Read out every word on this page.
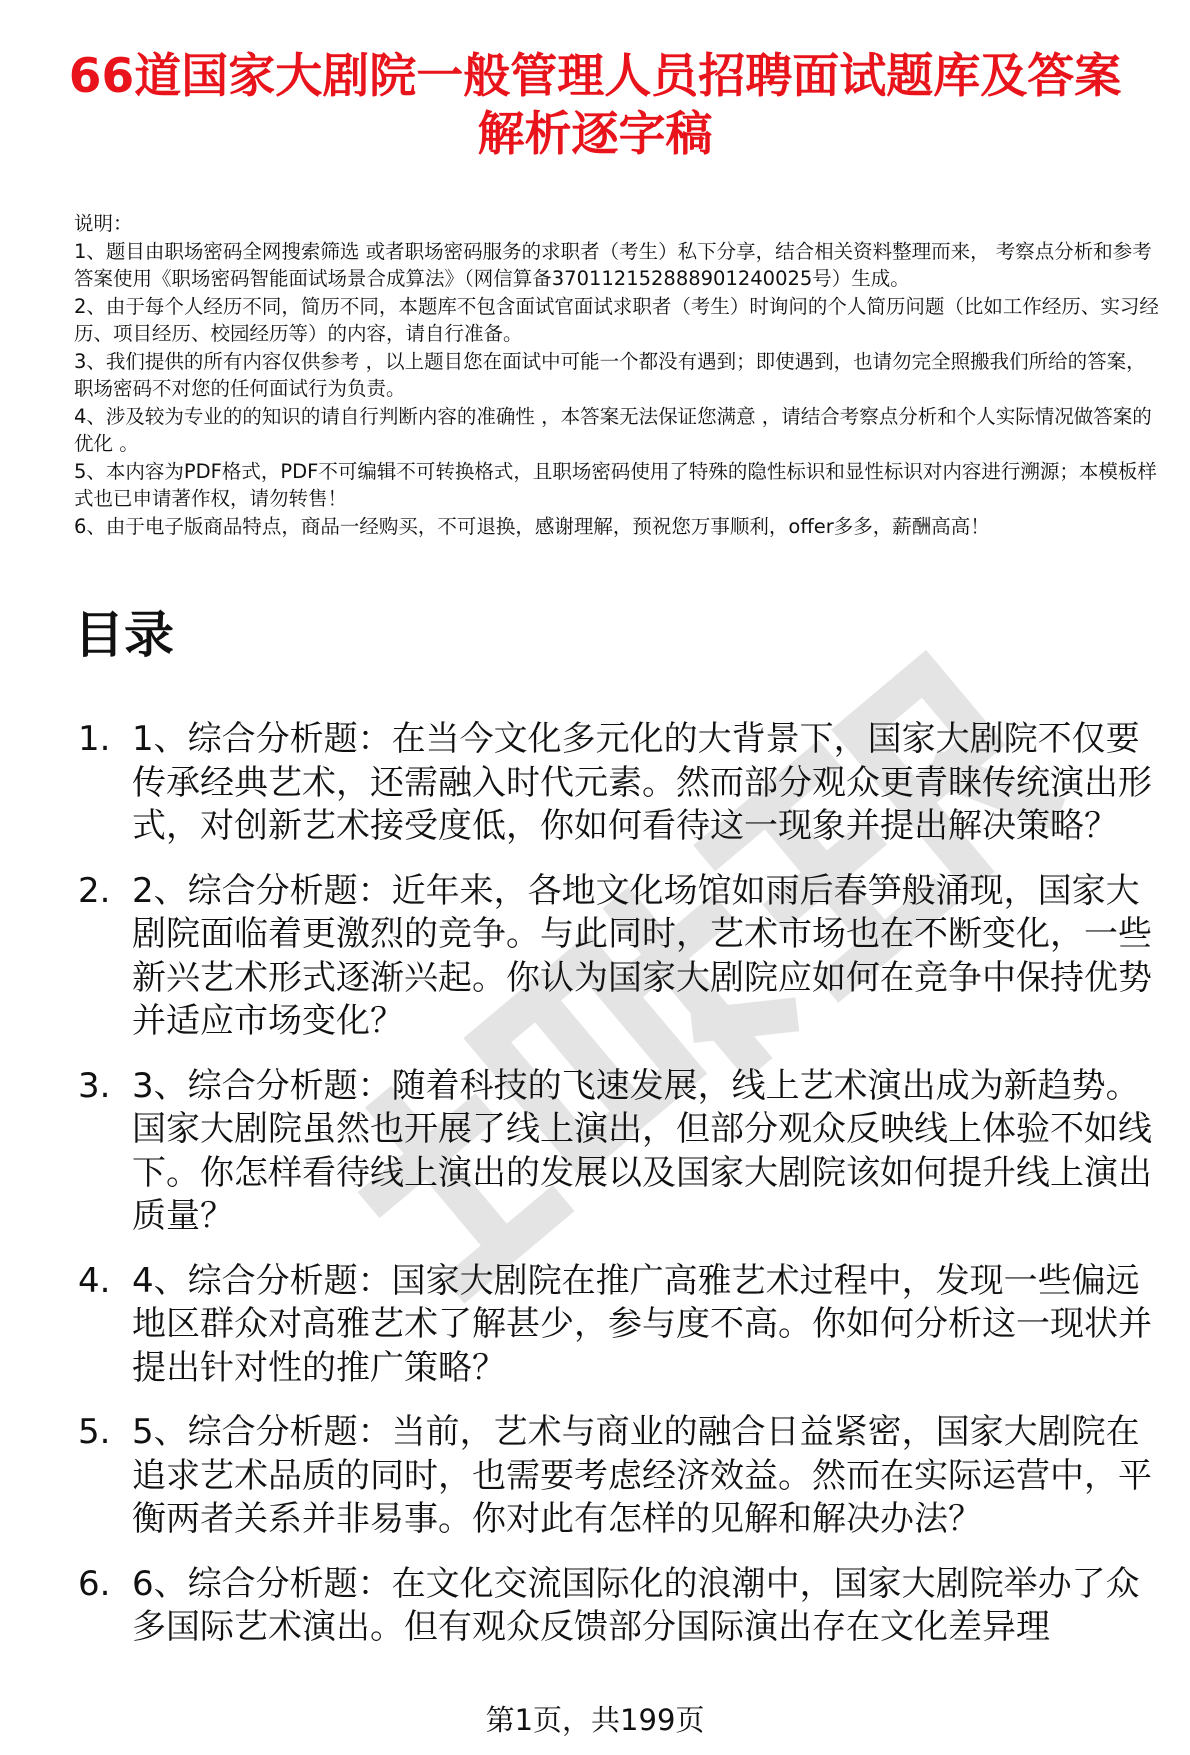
66道国家大剧院一般管理人员招聘面试题库及答案解析逐字稿

说明：

1、题目由职场密码全网搜索筛选 或者职场密码服务的求职者（考生）私下分享，结合相关资料整理而来， 考察点分析和参考答案使用《职场密码智能面试场景合成算法》（网信算备370112152888901240025号）生成。

2、由于每个人经历不同，简历不同，本题库不包含面试官面试求职者（考生）时询问的个人简历问题（比如工作经历、实习经历、项目经历、校园经历等）的内容，请自行准备。

3、我们提供的所有内容仅供参考 ，以上题目您在面试中可能一个都没有遇到；即使遇到，也请勿完全照搬我们所给的答案，职场密码不对您的任何面试行为负责。

4、涉及较为专业的的知识的请自行判断内容的准确性 ，本答案无法保证您满意 ，请结合考察点分析和个人实际情况做答案的优化 。

5、本内容为PDF格式，PDF不可编辑不可转换格式，且职场密码使用了特殊的隐性标识和显性标识对内容进行溯源；本模板样式也已申请著作权，请勿转售！

6、由于电子版商品特点，商品一经购买，不可退换，感谢理解，预祝您万事顺利，offer多多，薪酬高高！

目录
1. 1、综合分析题：在当今文化多元化的大背景下，国家大剧院不仅要传承经典艺术，还需融入时代元素。然而部分观众更青睐传统演出形式，对创新艺术接受度低，你如何看待这一现象并提出解决策略？
2. 2、综合分析题：近年来，各地文化场馆如雨后春笋般涌现，国家大剧院面临着更激烈的竞争。与此同时，艺术市场也在不断变化，一些新兴艺术形式逐渐兴起。你认为国家大剧院应如何在竞争中保持优势并适应市场变化？
3. 3、综合分析题：随着科技的飞速发展，线上艺术演出成为新趋势。国家大剧院虽然也开展了线上演出，但部分观众反映线上体验不如线下。你怎样看待线上演出的发展以及国家大剧院该如何提升线上演出质量？
4. 4、综合分析题：国家大剧院在推广高雅艺术过程中，发现一些偏远地区群众对高雅艺术了解甚少，参与度不高。你如何分析这一现状并提出针对性的推广策略？
5. 5、综合分析题：当前，艺术与商业的融合日益紧密，国家大剧院在追求艺术品质的同时，也需要考虑经济效益。然而在实际运营中，平衡两者关系并非易事。你对此有怎样的见解和解决办法？
6. 6、综合分析题：在文化交流国际化的浪潮中，国家大剧院举办了众多国际艺术演出。但有观众反馈部分国际演出存在文化差异理
第1页，共199页
